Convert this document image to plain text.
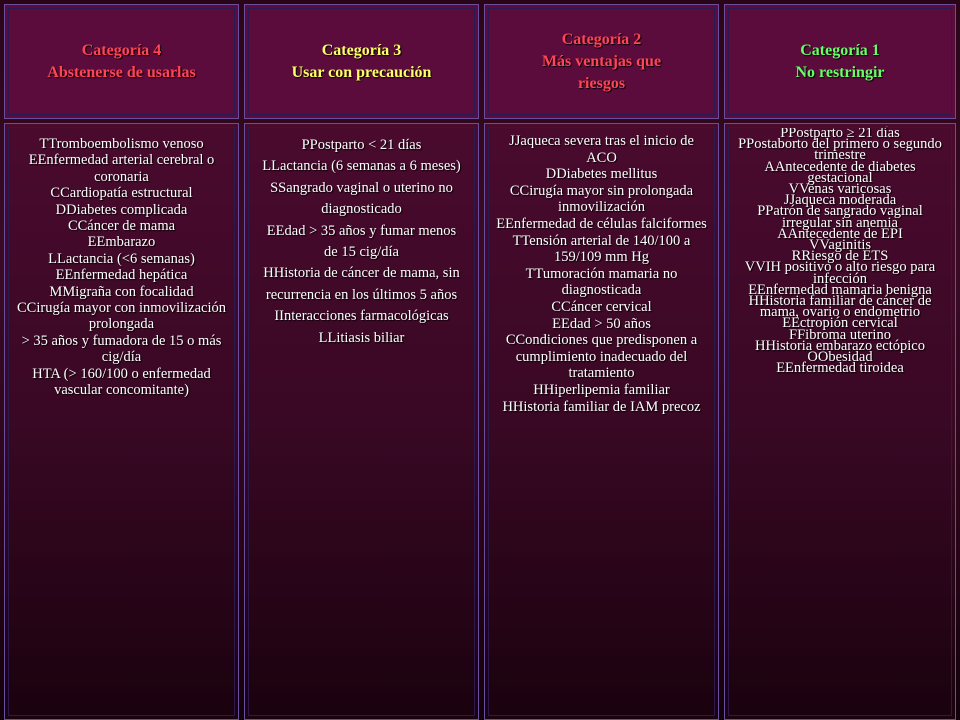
Categoría 4
Abstenerse de usarlas
Categoría 3
Usar con precaución
Categoría 2
Más ventajas que
riesgos
Categoría 1
No restringir
TTromboembolismo venoso
EEnfermedad arterial cerebral o coronaria
CCardiopatía estructural
DDiabetes complicada
CCáncer de mama
EEmbarazo
LLactancia (<6 semanas)
EEnfermedad hepática
MMigraña con focalidad
CCirugía mayor con inmovilización prolongada
> 35 años y fumadora de 15 o más cig/día
HTA (> 160/100 o enfermedad vascular concomitante)
PPostparto < 21 días
LLactancia (6 semanas a 6 meses)
SSangrado vaginal o uterino no diagnosticado
EEdad > 35 años y fumar menos de 15 cig/día
HHistoria de cáncer de mama, sin recurrencia en los últimos 5 años
IInteracciones farmacológicas
LLitiasis biliar
JJaqueca severa tras el inicio de ACO
DDiabetes mellitus
CCirugía mayor sin prolongada inmovilización
EEnfermedad de células falciformes
TTensión arterial de 140/100 a 159/109 mm Hg
TTumoración mamaria no diagnosticada
CCáncer cervical
EEdad > 50 años
CCondiciones que predisponen a cumplimiento inadecuado del tratamiento
HHiperlipemia familiar
HHistoria familiar de IAM precoz
PPostparto ≥ 21 días
PPostaborto del primero o segundo trimestre
AAntecedente de diabetes gestacional
VVenas varicosas
JJaqueca moderada
PPatrón de sangrado vaginal irregular sin anemia
AAntecedente de EPI
VVaginitis
RRiesgo de ETS
VVIH positivo o alto riesgo para infección
EEnfermedad mamaria benigna
HHistoria familiar de cáncer de mama, ovario o endometrio
EEctropión cervical
FFibroma uterino
HHistoria embarazo ectópico
OObesidad
EEnfermedad tiroidea
